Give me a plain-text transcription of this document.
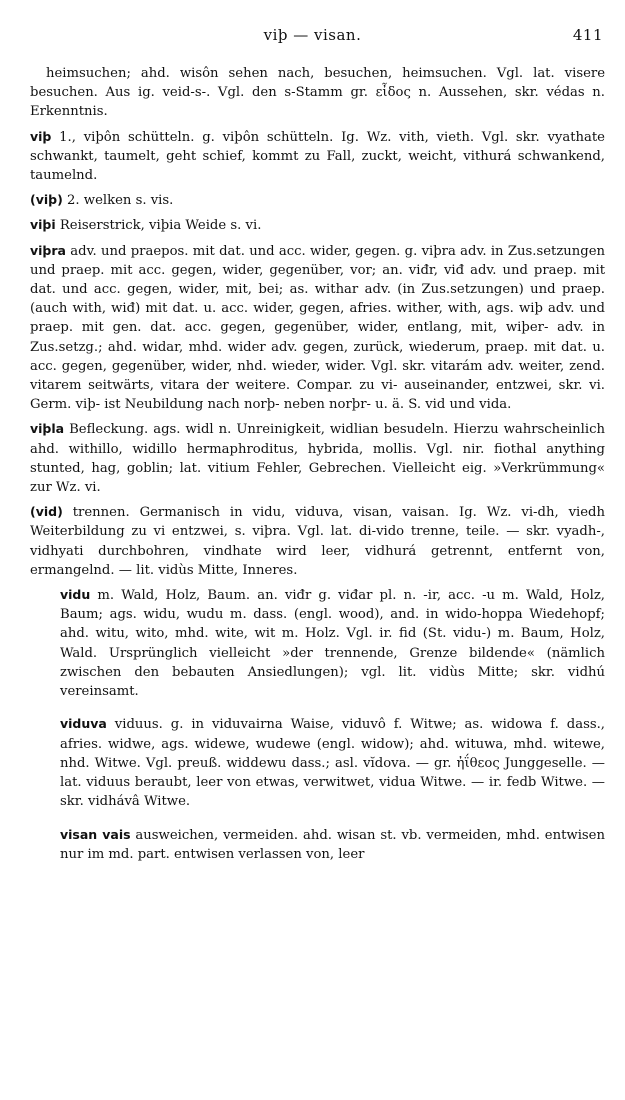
viþ — visan.	411

heimsuchen; ahd. wisôn sehen nach, besuchen, heimsuchen. Vgl. lat. visere besuchen. Aus ig. veid-s-. Vgl. den s-Stamm gr. εἶδος n. Aussehen, skr. védas n. Erkenntnis.

viþ 1., viþôn schütteln. g. viþôn schütteln. Ig. Wz. vith, vieth. Vgl. skr. vyathate schwankt, taumelt, geht schief, kommt zu Fall, zuckt, weicht, vithurá schwankend, taumelnd.

(viþ) 2. welken s. vis.

viþi Reiserstrick, viþia Weide s. vi.

viþra adv. und praepos. mit dat. und acc. wider, gegen. g. viþra adv. in Zus.setzungen und praep. mit acc. gegen, wider, gegenüber, vor; an. viđr, viđ adv. und praep. mit dat. und acc. gegen, wider, mit, bei; as. withar adv. (in Zus.setzungen) und praep. (auch with, wiđ) mit dat. u. acc. wider, gegen, afries. wither, with, ags. wiþ adv. und praep. mit gen. dat. acc. gegen, gegenüber, wider, entlang, mit, wiþer- adv. in Zus.setzg.; ahd. widar, mhd. wider adv. gegen, zurück, wiederum, praep. mit dat. u. acc. gegen, gegenüber, wider, nhd. wieder, wider. Vgl. skr. vitarám adv. weiter, zend. vitarem seitwärts, vitara der weitere. Compar. zu vi- auseinander, entzwei, skr. vi. Germ. viþ- ist Neubildung nach norþ- neben norþr- u. ä. S. vid und vida.

viþla Befleckung. ags. widl n. Unreinigkeit, widlian besudeln. Hierzu wahrscheinlich ahd. withillo, widillo hermaphroditus, hybrida, mollis. Vgl. nir. fiothal anything stunted, hag, goblin; lat. vitium Fehler, Gebrechen. Vielleicht eig. »Verkrümmung« zur Wz. vi.

(vid) trennen. Germanisch in vidu, viduva, visan, vaisan. Ig. Wz. vi-dh, viedh Weiterbildung zu vi entzwei, s. viþra. Vgl. lat. di-vido trenne, teile. — skr. vyadh-, vidhyati durchbohren, vindhate wird leer, vidhurá getrennt, entfernt von, ermangelnd. — lit. vidùs Mitte, Inneres.

vidu m. Wald, Holz, Baum. an. viđr g. viđar pl. n. -ir, acc. -u m. Wald, Holz, Baum; ags. widu, wudu m. dass. (engl. wood), and. in wido-hoppa Wiedehopf; ahd. witu, wito, mhd. wite, wit m. Holz. Vgl. ir. fid (St. vidu-) m. Baum, Holz, Wald. Ursprünglich vielleicht »der trennende, Grenze bildende« (nämlich zwischen den bebauten Ansiedlungen); vgl. lit. vidùs Mitte; skr. vidhú vereinsamt.

viduva viduus. g. in viduvairna Waise, viduvô f. Witwe; as. widowa f. dass., afries. widwe, ags. widewe, wudewe (engl. widow); ahd. wituwa, mhd. witewe, nhd. Witwe. Vgl. preuß. widdewu dass.; asl. vĭdova. — gr. ἠΐθεος Junggeselle. — lat. viduus beraubt, leer von etwas, verwitwet, vidua Witwe. — ir. fedb Witwe. — skr. vidhávâ Witwe.

visan vais ausweichen, vermeiden. ahd. wisan st. vb. vermeiden, mhd. entwisen nur im md. part. entwisen verlassen von, leer
